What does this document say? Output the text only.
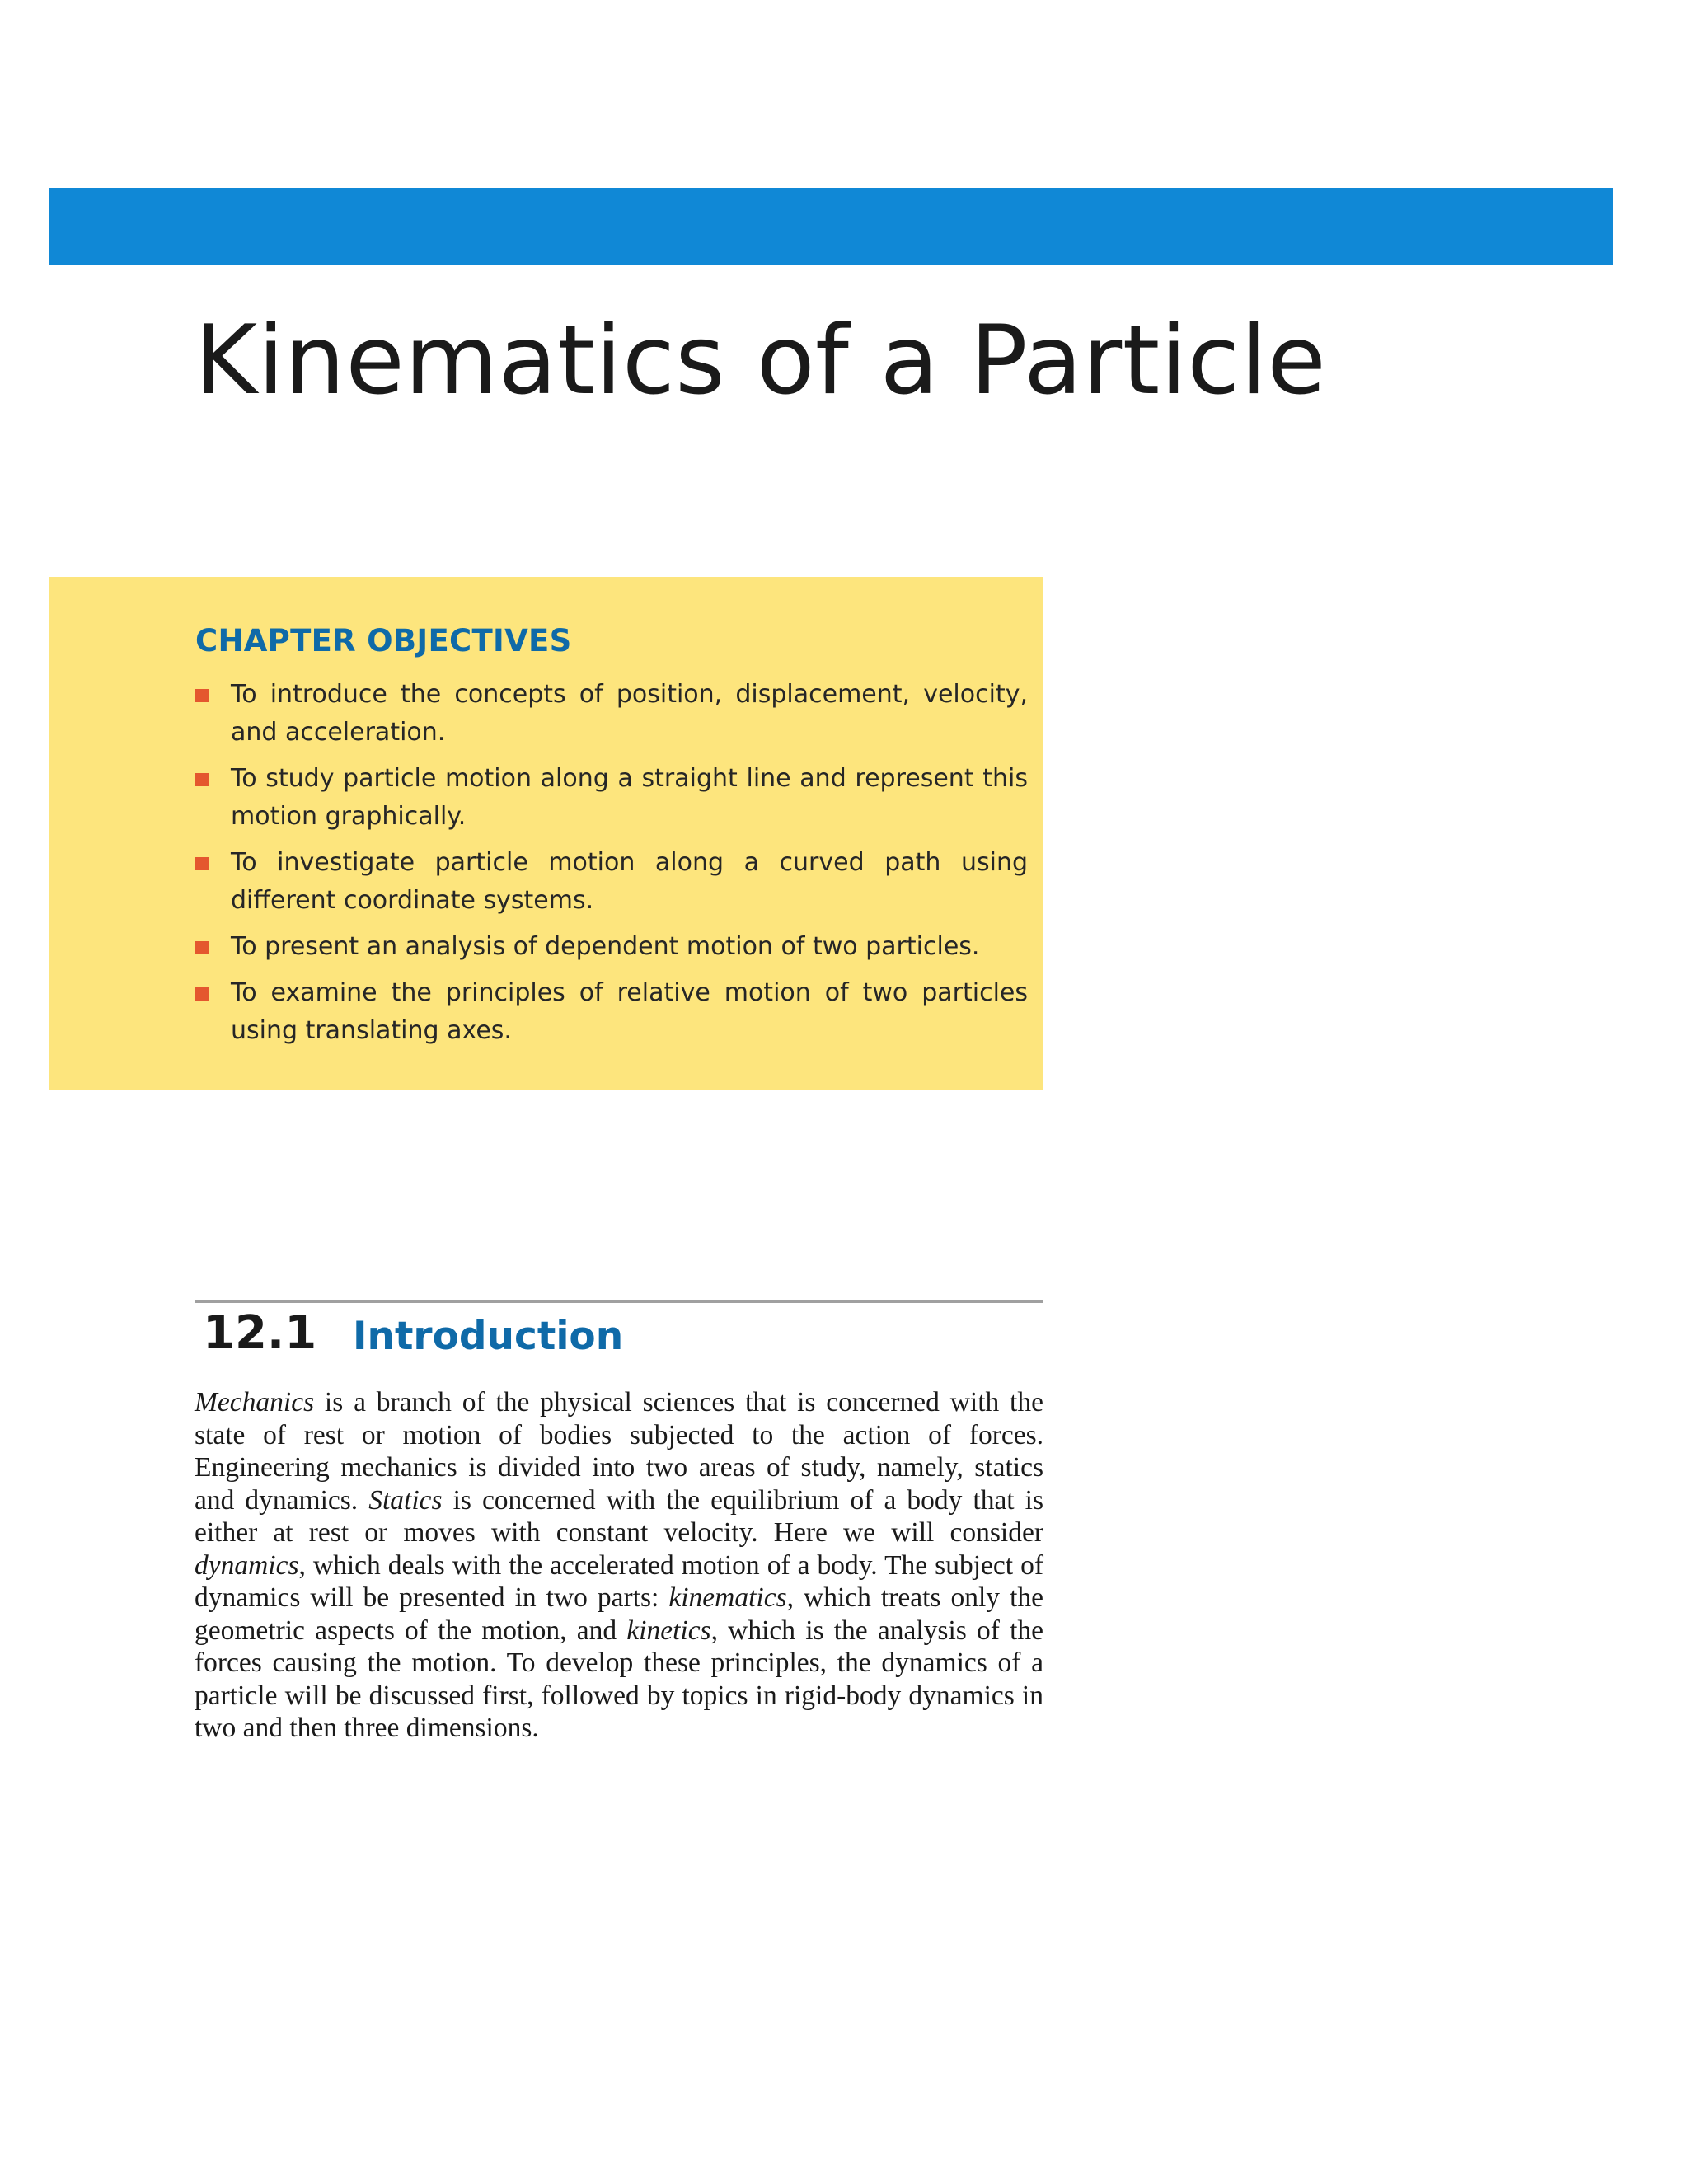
Kinematics of a Particle
CHAPTER OBJECTIVES
To introduce the concepts of position, displacement, velocity, and acceleration.
To study particle motion along a straight line and represent this motion graphically.
To investigate particle motion along a curved path using different coordinate systems.
To present an analysis of dependent motion of two particles.
To examine the principles of relative motion of two particles using translating axes.
12.1 Introduction

Mechanics is a branch of the physical sciences that is concerned with the state of rest or motion of bodies subjected to the action of forces. Engineering mechanics is divided into two areas of study, namely, statics and dynamics. Statics is concerned with the equilibrium of a body that is either at rest or moves with constant velocity. Here we will consider dynamics, which deals with the accelerated motion of a body. The subject of dynamics will be presented in two parts: kinematics, which treats only the geometric aspects of the motion, and kinetics, which is the analysis of the forces causing the motion. To develop these principles, the dynamics of a particle will be discussed first, followed by topics in rigid-body dynamics in two and then three dimensions.
